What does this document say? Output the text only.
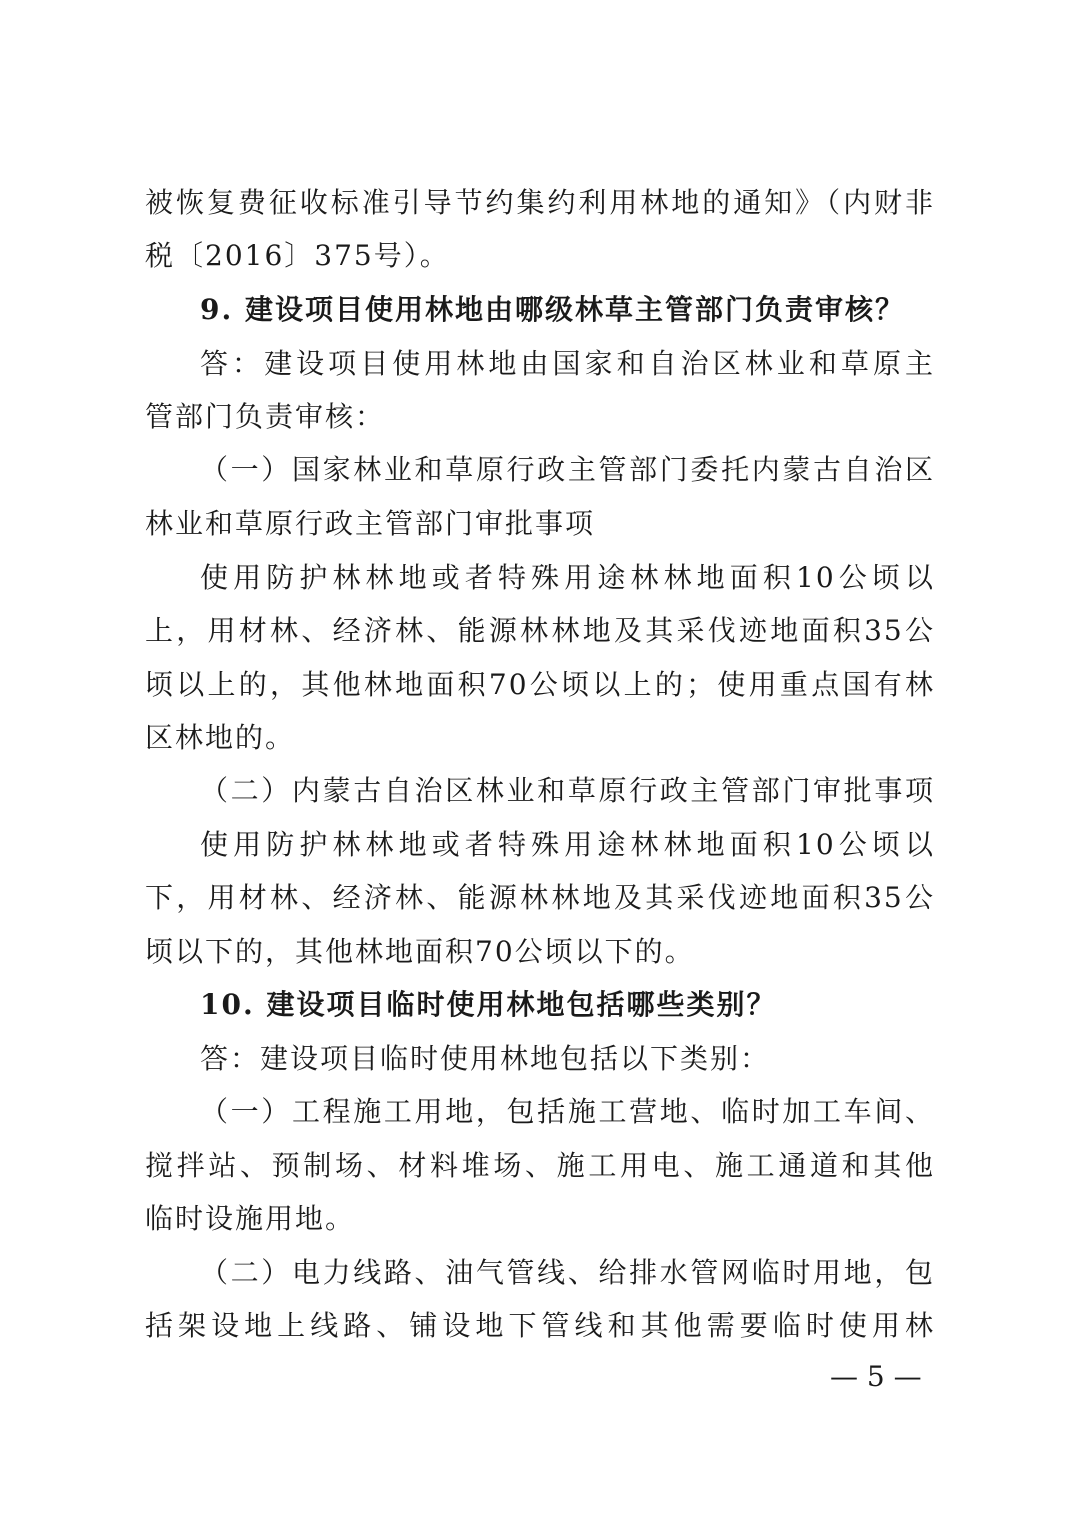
被恢复费征收标准引导节约集约利用林地的通知》（内财非
税〔2016〕375号）。
9. 建设项目使用林地由哪级林草主管部门负责审核？
答：建设项目使用林地由国家和自治区林业和草原主
管部门负责审核：
（一）国家林业和草原行政主管部门委托内蒙古自治区
林业和草原行政主管部门审批事项
使用防护林林地或者特殊用途林林地面积10公顷以
上，用材林、经济林、能源林林地及其采伐迹地面积35公
顷以上的，其他林地面积70公顷以上的；使用重点国有林
区林地的。
（二）内蒙古自治区林业和草原行政主管部门审批事项
使用防护林林地或者特殊用途林林地面积10公顷以
下，用材林、经济林、能源林林地及其采伐迹地面积35公
顷以下的，其他林地面积70公顷以下的。
10. 建设项目临时使用林地包括哪些类别？
答：建设项目临时使用林地包括以下类别：
（一）工程施工用地，包括施工营地、临时加工车间、
搅拌站、预制场、材料堆场、施工用电、施工通道和其他
临时设施用地。
（二）电力线路、油气管线、给排水管网临时用地，包
括架设地上线路、铺设地下管线和其他需要临时使用林
— 5 —
